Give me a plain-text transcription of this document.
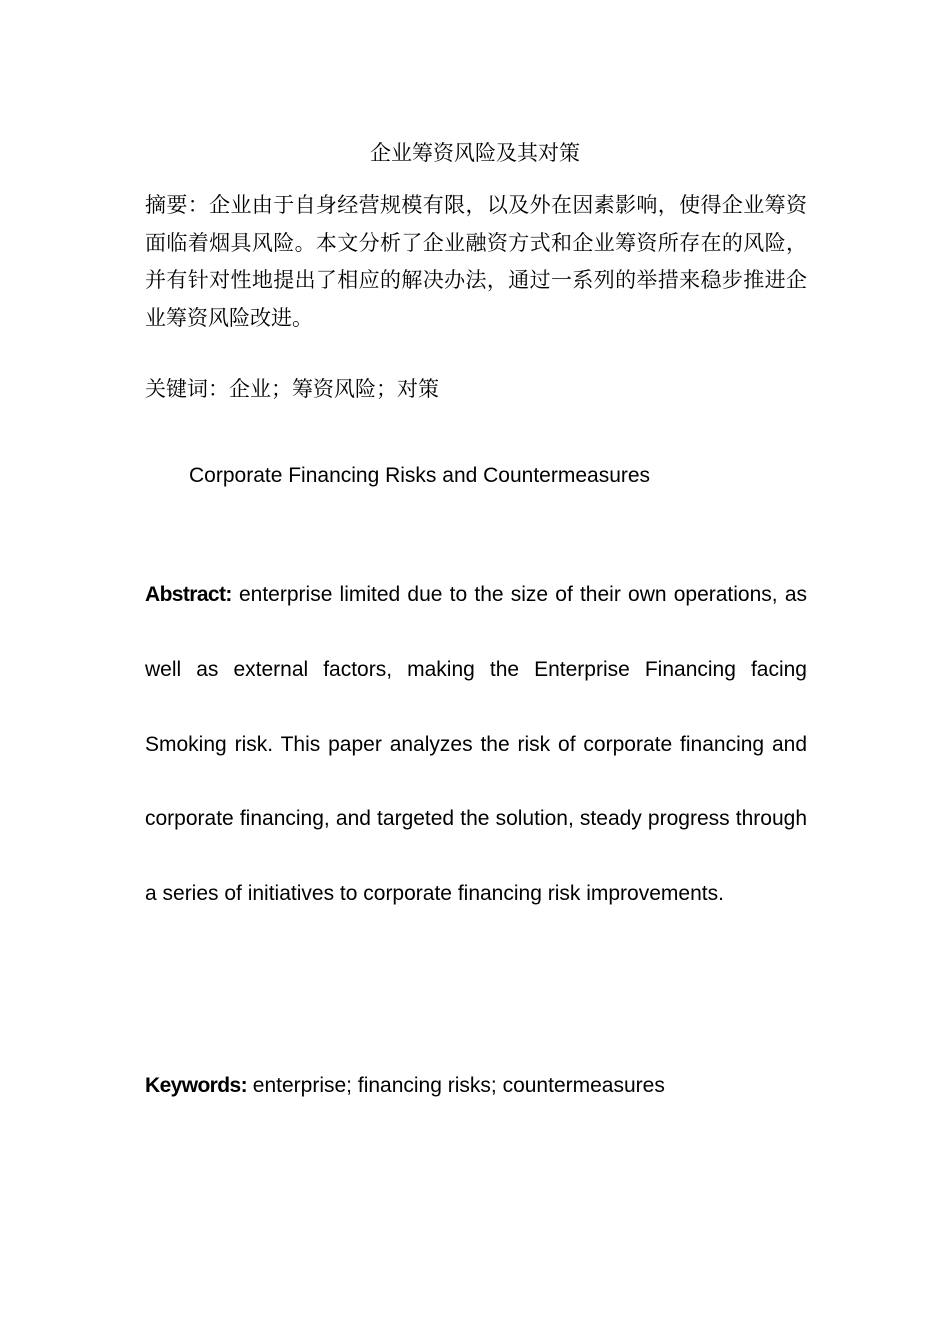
企业筹资风险及其对策
摘要：企业由于自身经营规模有限，以及外在因素影响，使得企业筹资面临着烟具风险。本文分析了企业融资方式和企业筹资所存在的风险，并有针对性地提出了相应的解决办法，通过一系列的举措来稳步推进企业筹资风险改进。
关键词：企业；筹资风险；对策
Corporate Financing Risks and Countermeasures

Abstract: enterprise limited due to the size of their own operations, as well as external factors, making the Enterprise Financing facing Smoking risk. This paper analyzes the risk of corporate financing and corporate financing, and targeted the solution, steady progress through a series of initiatives to corporate financing risk improvements.

Keywords: enterprise; financing risks; countermeasures
